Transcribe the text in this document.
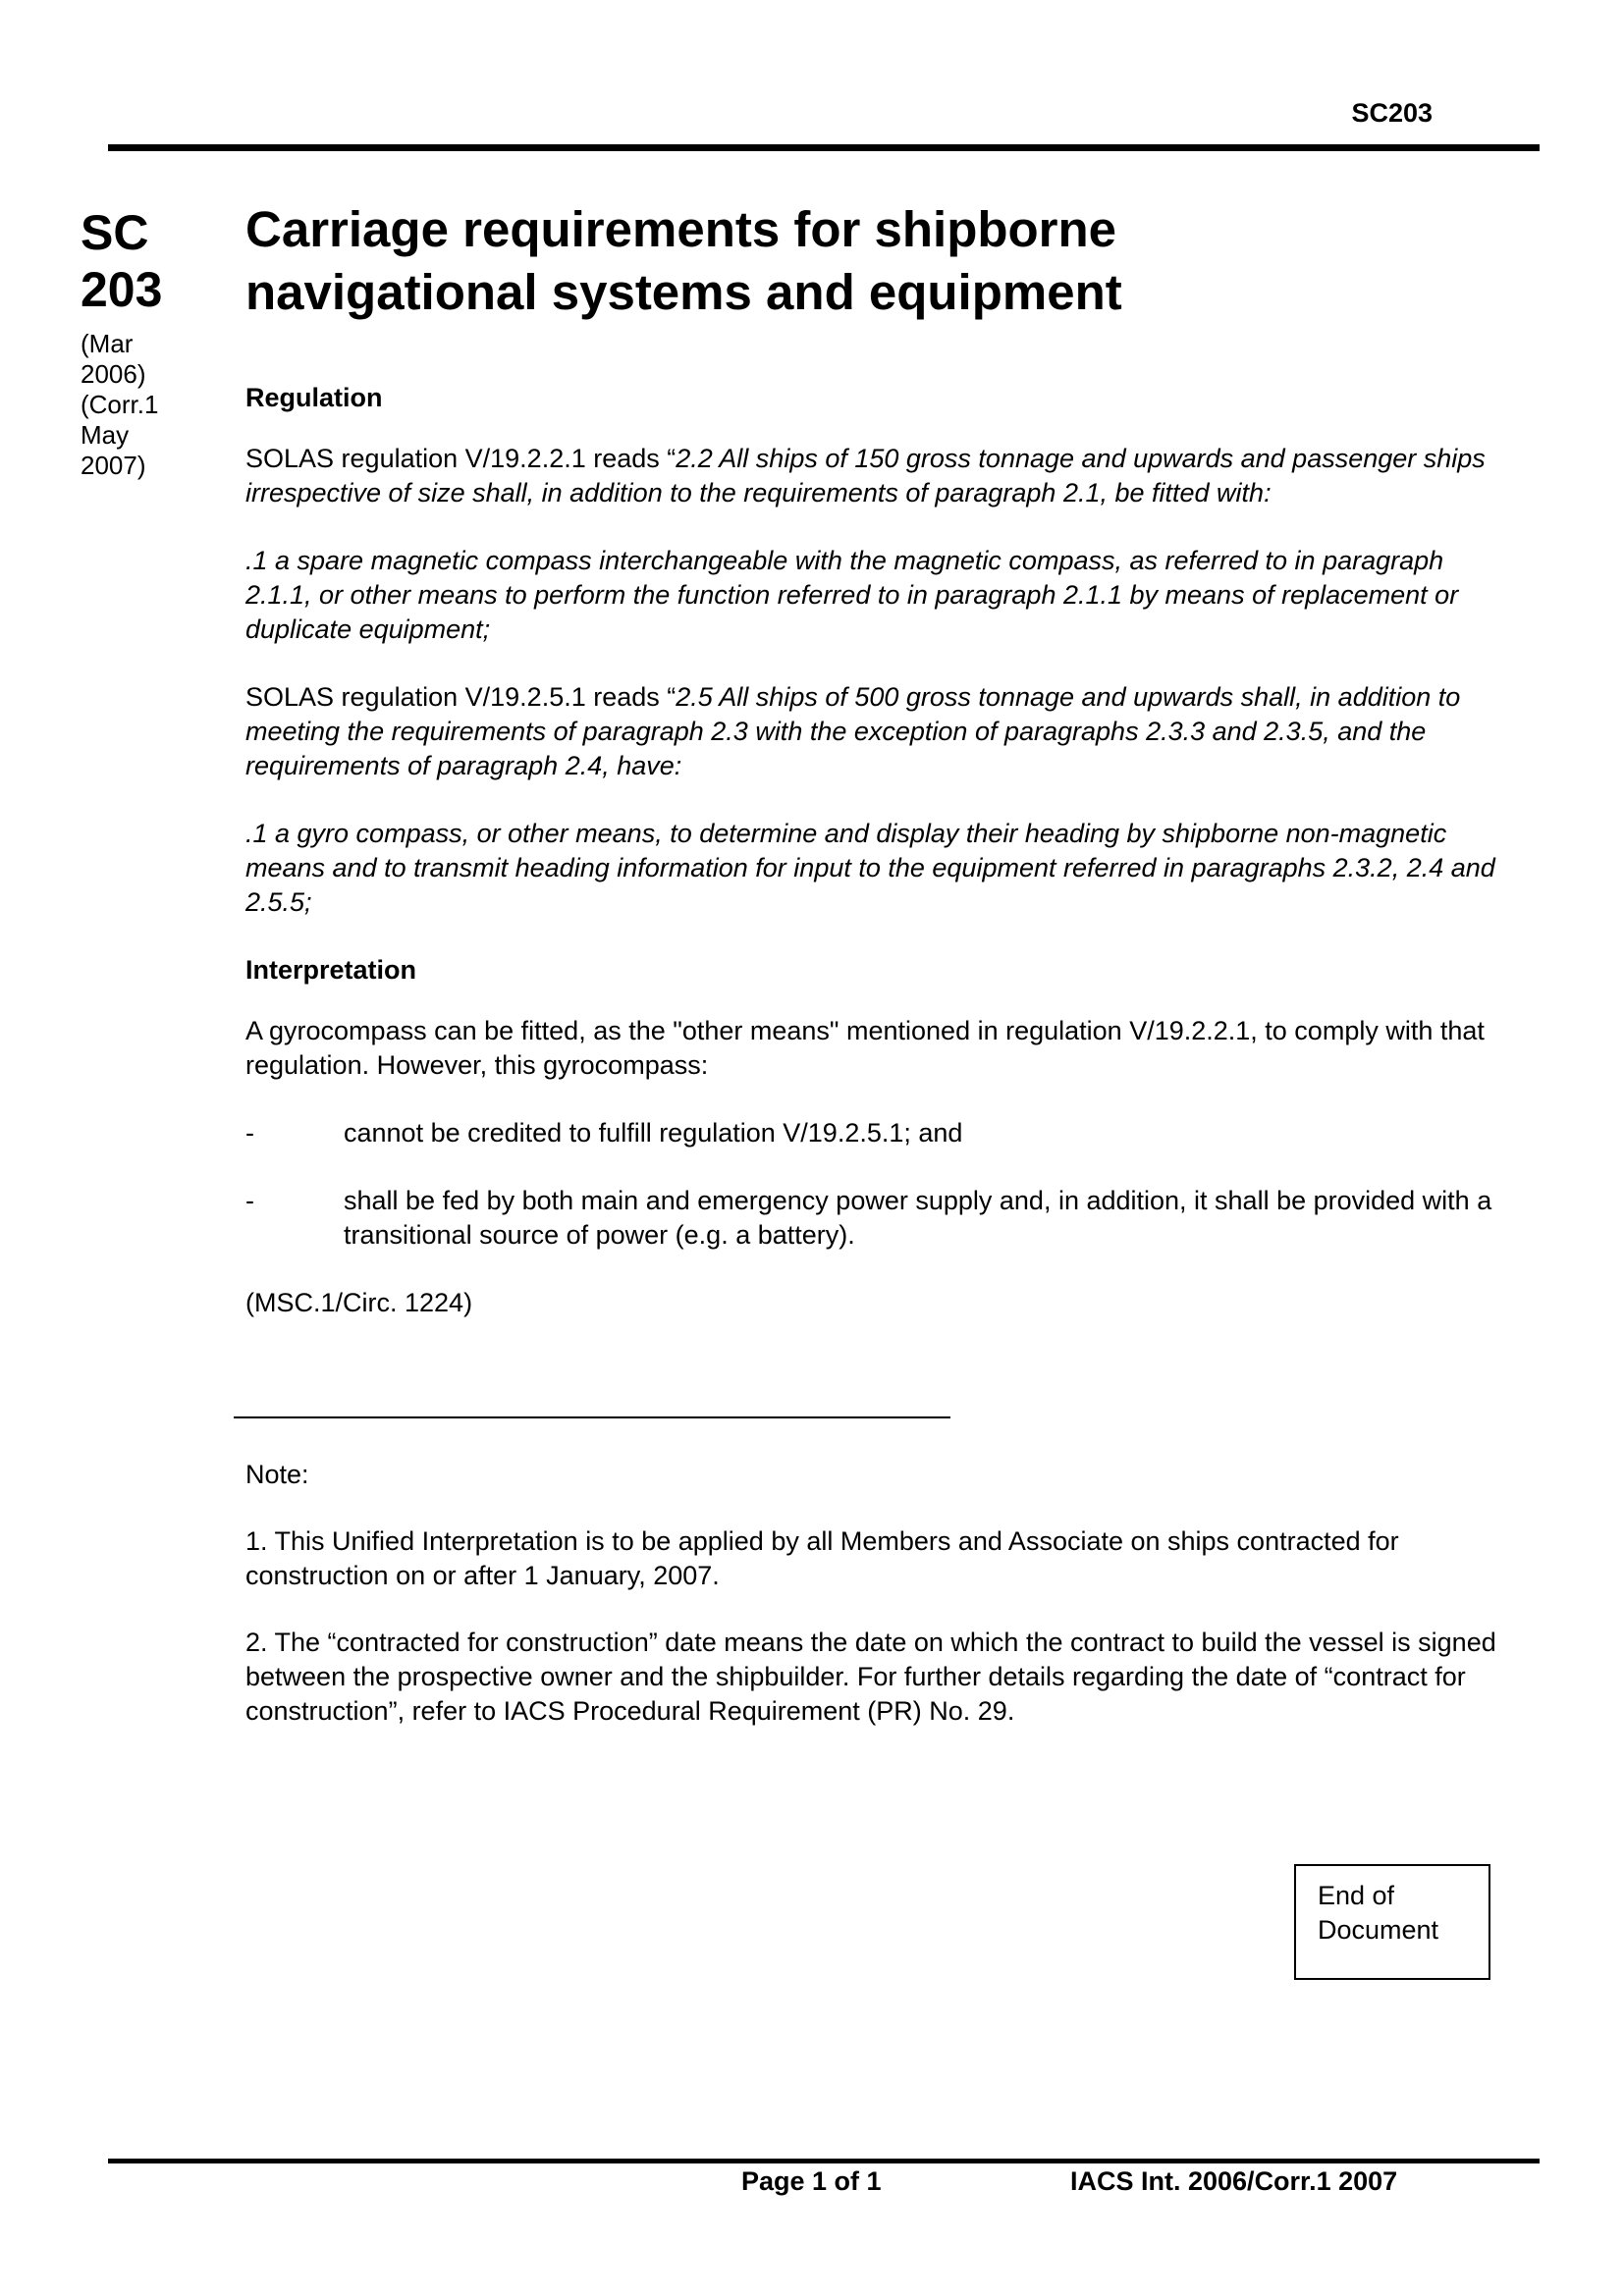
SC203
SC
203
(Mar
2006)
(Corr.1
May
2007)
Carriage requirements for shipborne
navigational systems and equipment

Regulation

SOLAS regulation V/19.2.2.1 reads “2.2 All ships of 150 gross tonnage and upwards and passenger ships irrespective of size shall, in addition to the requirements of paragraph 2.1, be fitted with:

.1 a spare magnetic compass interchangeable with the magnetic compass, as referred to in paragraph 2.1.1, or other means to perform the function referred to in paragraph 2.1.1 by means of replacement or duplicate equipment;

SOLAS regulation V/19.2.5.1 reads “2.5 All ships of 500 gross tonnage and upwards shall, in addition to meeting the requirements of paragraph 2.3 with the exception of paragraphs 2.3.3 and 2.3.5, and the requirements of paragraph 2.4, have:

.1 a gyro compass, or other means, to determine and display their heading by shipborne non-magnetic means and to transmit heading information for input to the equipment referred in paragraphs 2.3.2, 2.4 and 2.5.5;

Interpretation

A gyrocompass can be fitted, as the "other means" mentioned in regulation V/19.2.2.1, to comply with that regulation. However, this gyrocompass:

-	cannot be credited to fulfill regulation V/19.2.5.1; and
-	shall be fed by both main and emergency power supply and, in addition, it shall be provided with a transitional source of power (e.g. a battery).

(MSC.1/Circ. 1224)

Note:

1. This Unified Interpretation is to be applied by all Members and Associate on ships contracted for construction on or after 1 January, 2007.

2. The “contracted for construction” date means the date on which the contract to build the vessel is signed between the prospective owner and the shipbuilder. For further details regarding the date of “contract for construction”, refer to IACS Procedural Requirement (PR) No. 29.

End of
Document
Page 1 of 1	IACS Int. 2006/Corr.1 2007
